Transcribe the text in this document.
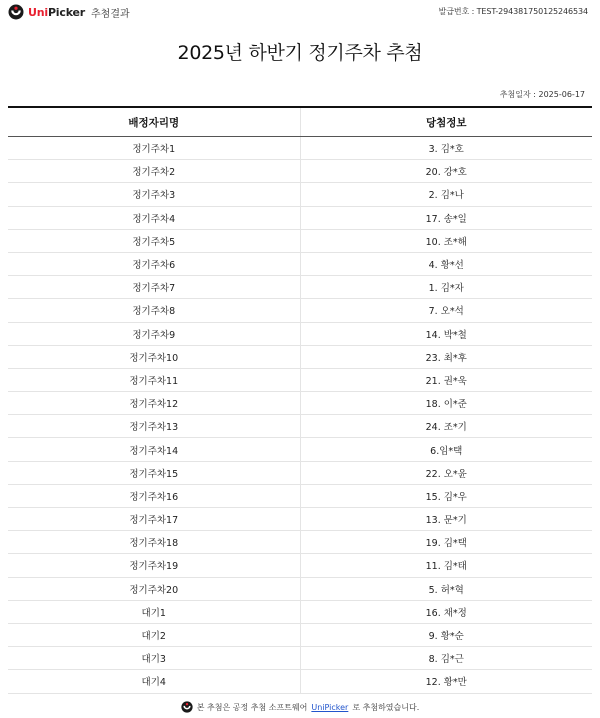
UniPicker 추첨결과	발급번호 : TEST-294381750125246534
2025년 하반기 정기주차 추첨
추첨일자 : 2025-06-17
배정자리명	당첨정보
정기주차1	3. 김*호
정기주차2	20. 강*호
정기주차3	2. 김*나
정기주차4	17. 송*일
정기주차5	10. 조*해
정기주차6	4. 황*선
정기주차7	1. 김*자
정기주차8	7. 오*석
정기주차9	14. 박*철
정기주차10	23. 최*후
정기주차11	21. 권*욱
정기주차12	18. 이*준
정기주차13	24. 조*기
정기주차14	6.임*택
정기주차15	22. 오*윤
정기주차16	15. 김*우
정기주차17	13. 문*기
정기주차18	19. 김*택
정기주차19	11. 김*태
정기주차20	5. 허*혁
대기1	16. 채*정
대기2	9. 황*순
대기3	8. 김*근
대기4	12. 황*만
본 추첨은 공정 추첨 소프트웨어 UniPicker 로 추첨하였습니다.
